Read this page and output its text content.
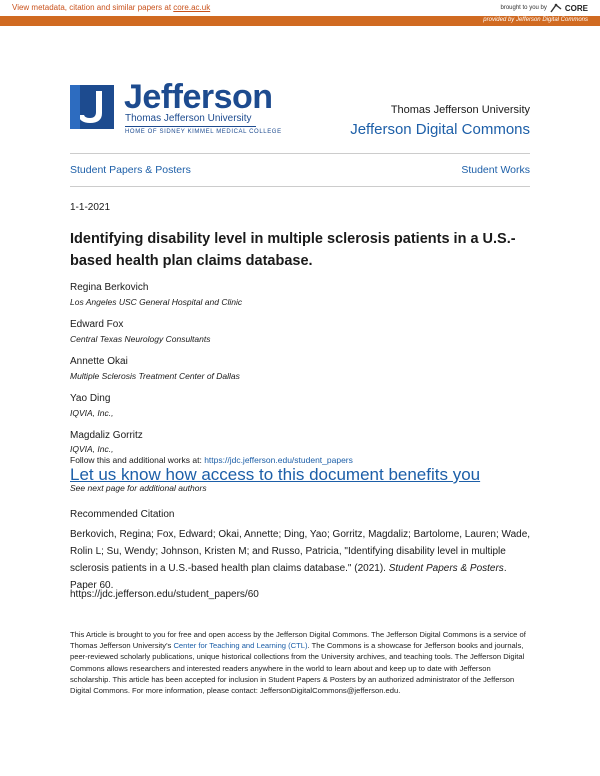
View metadata, citation and similar papers at core.ac.uk	brought to you by CORE
provided by Jefferson Digital Commons
Jefferson
Thomas Jefferson University
HOME OF SIDNEY KIMMEL MEDICAL COLLEGE
Thomas Jefferson University
Jefferson Digital Commons
Student Papers & Posters	Student Works
1-1-2021
Identifying disability level in multiple sclerosis patients in a U.S.-based health plan claims database.
Regina Berkovich
Los Angeles USC General Hospital and Clinic
Edward Fox
Central Texas Neurology Consultants
Annette Okai
Multiple Sclerosis Treatment Center of Dallas
Yao Ding
IQVIA, Inc.,
Magdaliz Gorritz
IQVIA, Inc.,
Follow this and additional works at: https://jdc.jefferson.edu/student_papers
Let us know how access to this document benefits you
See next page for additional authors
Recommended Citation
Berkovich, Regina; Fox, Edward; Okai, Annette; Ding, Yao; Gorritz, Magdaliz; Bartolome, Lauren; Wade, Rolin L; Su, Wendy; Johnson, Kristen M; and Russo, Patricia, "Identifying disability level in multiple sclerosis patients in a U.S.-based health plan claims database." (2021). Student Papers & Posters. Paper 60.
https://jdc.jefferson.edu/student_papers/60
This Article is brought to you for free and open access by the Jefferson Digital Commons. The Jefferson Digital Commons is a service of Thomas Jefferson University's Center for Teaching and Learning (CTL). The Commons is a showcase for Jefferson books and journals, peer-reviewed scholarly publications, unique historical collections from the University archives, and teaching tools. The Jefferson Digital Commons allows researchers and interested readers anywhere in the world to learn about and keep up to date with Jefferson scholarship. This article has been accepted for inclusion in Student Papers & Posters by an authorized administrator of the Jefferson Digital Commons. For more information, please contact: JeffersonDigitalCommons@jefferson.edu.
